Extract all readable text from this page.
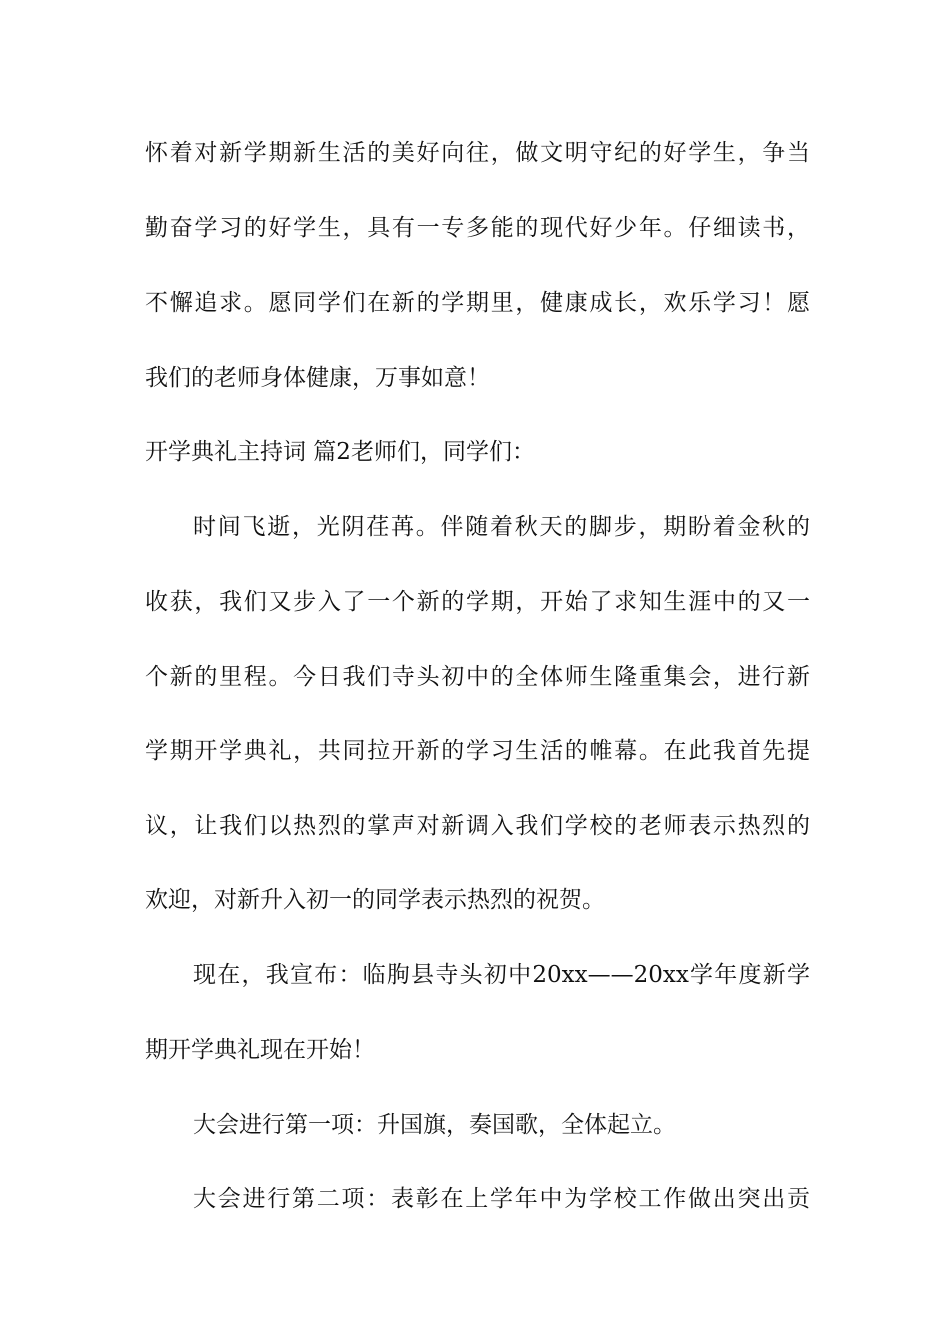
怀着对新学期新生活的美好向往，做文明守纪的好学生，争当
勤奋学习的好学生，具有一专多能的现代好少年。仔细读书，
不懈追求。愿同学们在新的学期里，健康成长，欢乐学习！愿
我们的老师身体健康，万事如意！
开学典礼主持词 篇2老师们，同学们：
时间飞逝，光阴荏苒。伴随着秋天的脚步，期盼着金秋的
收获，我们又步入了一个新的学期，开始了求知生涯中的又一
个新的里程。今日我们寺头初中的全体师生隆重集会，进行新
学期开学典礼，共同拉开新的学习生活的帷幕。在此我首先提
议，让我们以热烈的掌声对新调入我们学校的老师表示热烈的
欢迎，对新升入初一的同学表示热烈的祝贺。
现在，我宣布：临朐县寺头初中20xx——20xx学年度新学
期开学典礼现在开始！
大会进行第一项：升国旗，奏国歌，全体起立。
大会进行第二项：表彰在上学年中为学校工作做出突出贡
